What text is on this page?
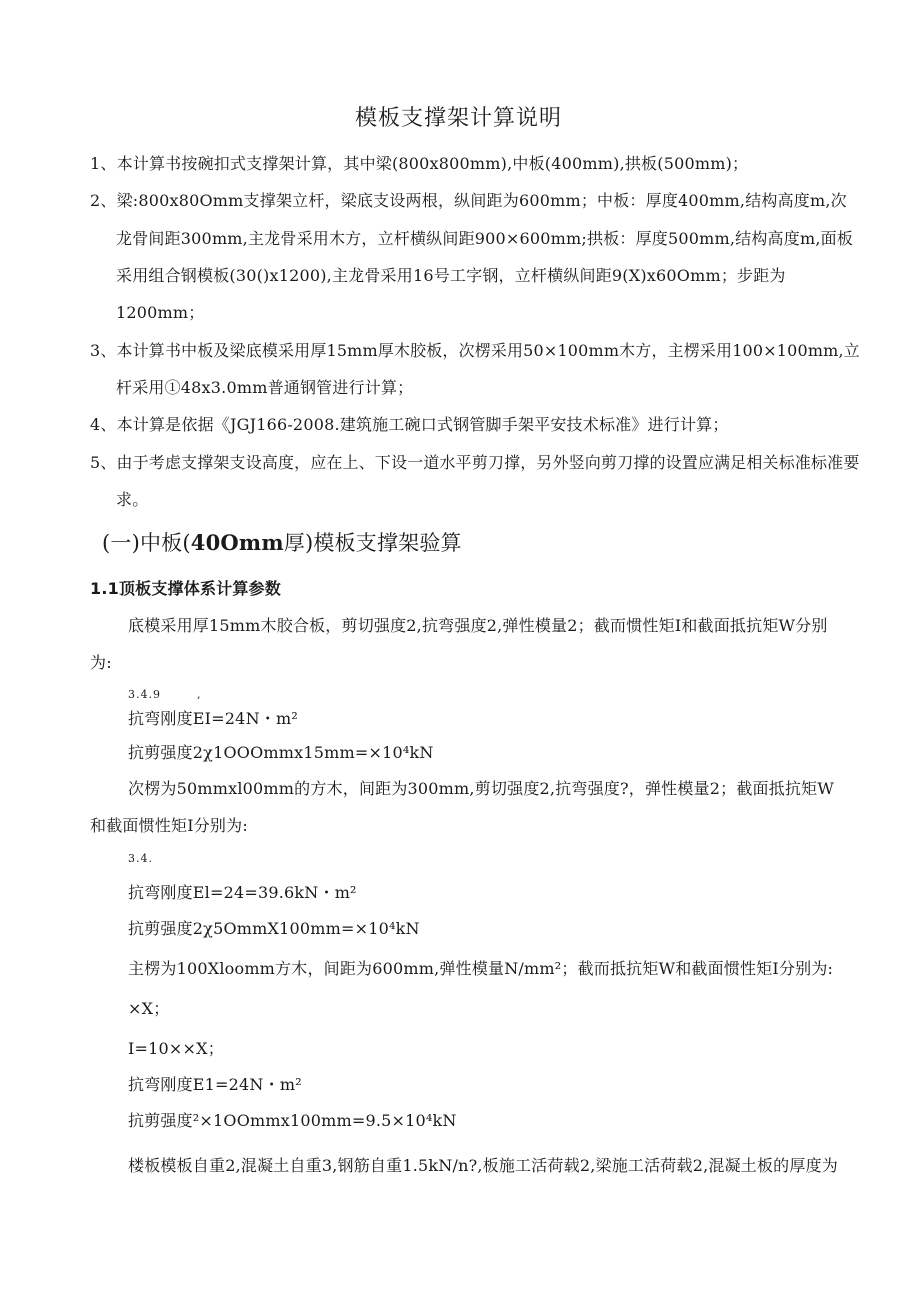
模板支撑架计算说明
1、本计算书按碗扣式支撑架计算，其中梁(800x800mm),中板(400mm),拱板(500mm)；
2、梁:800x80Omm支撑架立杆，梁底支设两根，纵间距为600mm；中板：厚度400mm,结构高度m,次
龙骨间距300mm,主龙骨采用木方，立杆横纵间距900×600mm;拱板：厚度500mm,结构高度m,面板
采用组合钢模板(30()x1200),主龙骨采用16号工字钢，立杆横纵间距9(X)x60Omm；步距为
1200mm；
3、本计算书中板及梁底模采用厚15mm厚木胶板，次楞采用50×100mm木方，主楞采用100×100mm,立
杆采用①48x3.0mm普通钢管进行计算；
4、本计算是依据《JGJ166-2008.建筑施工碗口式钢管脚手架平安技术标准》进行计算；
5、由于考虑支撑架支设高度，应在上、下设一道水平剪刀撑，另外竖向剪刀撑的设置应满足相关标准标准要
求。
(一)中板(40Omm厚)模板支撑架验算
1.1顶板支撑体系计算参数
底模采用厚15mm木胶合板，剪切强度2,抗弯强度2,弹性模量2；截而惯性矩I和截面抵抗矩W分别
为:
3.4.9　　　,
抗弯刚度EI=24N・m²
抗剪强度2χ1OOOmmx15mm=×10⁴kN
次楞为50mmxl00mm的方木，间距为300mm,剪切强度2,抗弯强度?，弹性模量2；截面抵抗矩W
和截面惯性矩I分别为:
3.4.
抗弯刚度El=24=39.6kN・m²
抗剪强度2χ5OmmX100mm=×10⁴kN
主楞为100Xloomm方木，间距为600mm,弹性模量N/mm²；截而抵抗矩W和截面惯性矩I分别为:
×X；
I=10××X；
抗弯刚度E1=24N・m²
抗剪强度²×1OOmmx100mm=9.5×10⁴kN
楼板模板自重2,混凝土自重3,钢筋自重1.5kN∕n?,板施工活荷载2,梁施工活荷载2,混凝土板的厚度为
